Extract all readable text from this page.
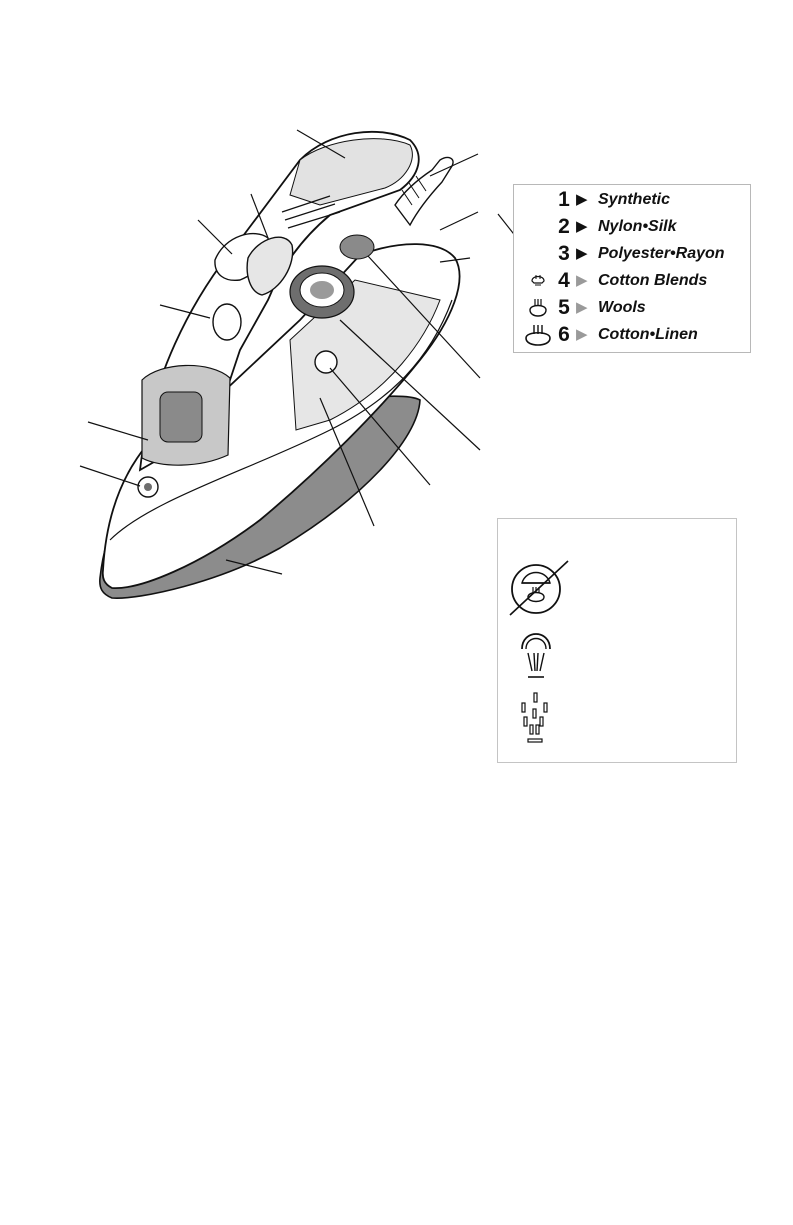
1 ▶ Synthetic
2 ▶ Nylon•Silk
3 ▶ Polyester•Rayon
4 ▶ Cotton Blends
5 ▶ Wools
6 ▶ Cotton•Linen
